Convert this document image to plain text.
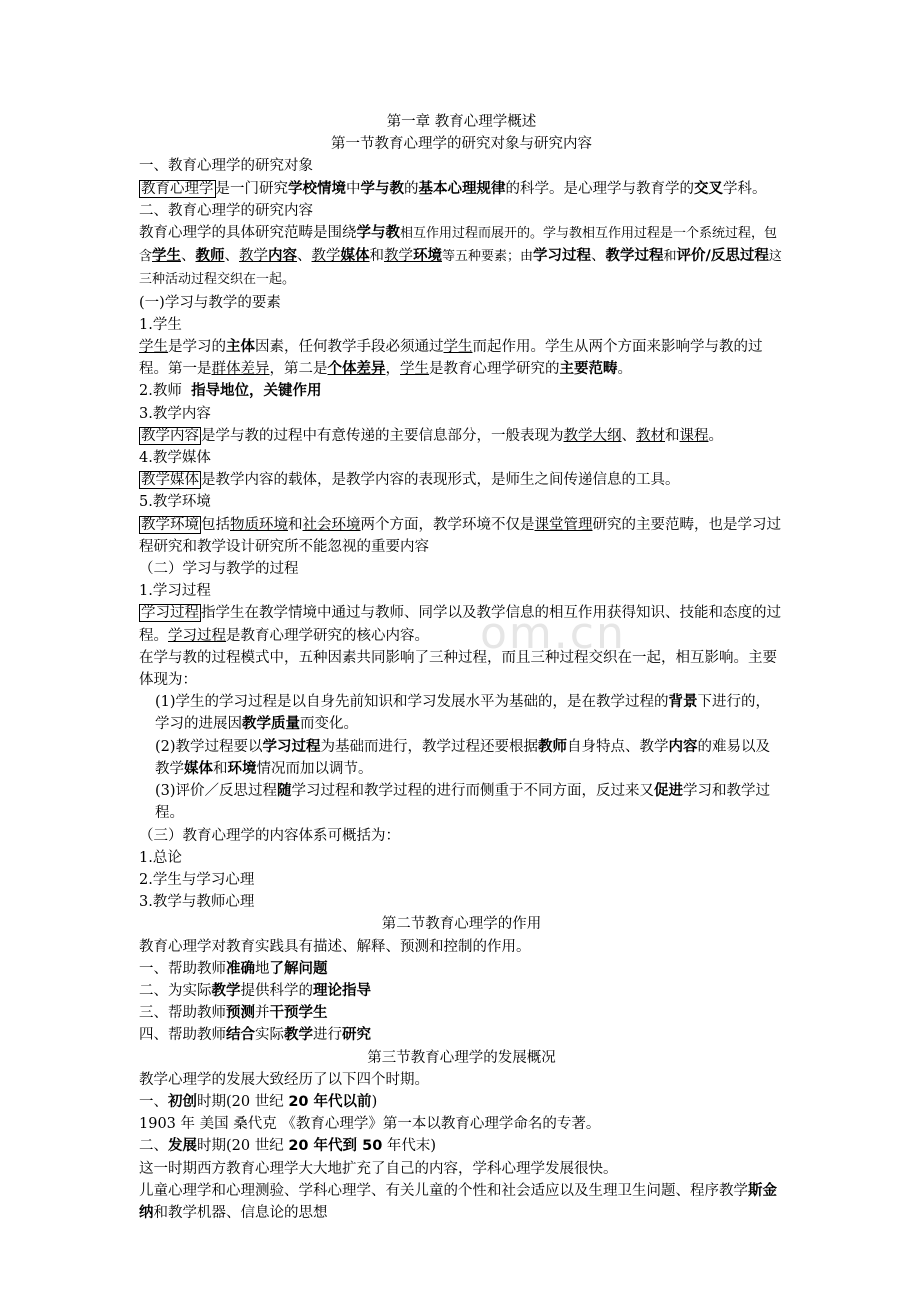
om.cn

第一章 教育心理学概述

第一节教育心理学的研究对象与研究内容

一、教育心理学的研究对象

教育心理学 是一门研究学校情境中学与教的基本心理规律的科学。是心理学与教育学的交叉学科。

二、教育心理学的研究内容

教育心理学的具体研究范畴是围绕学与教相互作用过程而展开的。学与教相互作用过程是一个系统过程，包含学生、教师、教学内容、教学媒体和教学环境等五种要素；由学习过程、教学过程和评价/反思过程这三种活动过程交织在一起。

(一)学习与教学的要素

1.学生

学生是学习的主体因素，任何教学手段必须通过学生而起作用。学生从两个方面来影响学与教的过程。第一是群体差异，第二是个体差异，学生是教育心理学研究的主要范畴。

2.教师 指导地位，关键作用

3.教学内容

教学内容 是学与教的过程中有意传递的主要信息部分，一般表现为教学大纲、教材和课程。

4.教学媒体

教学媒体 是教学内容的载体，是教学内容的表现形式，是师生之间传递信息的工具。

5.教学环境

教学环境 包括物质环境和社会环境两个方面，教学环境不仅是课堂管理研究的主要范畴，也是学习过程研究和教学设计研究所不能忽视的重要内容

（二）学习与教学的过程

1.学习过程

学习过程 指学生在教学情境中通过与教师、同学以及教学信息的相互作用获得知识、技能和态度的过程。学习过程是教育心理学研究的核心内容。

在学与教的过程模式中，五种因素共同影响了三种过程，而且三种过程交织在一起，相互影响。主要体现为：

(1)学生的学习过程是以自身先前知识和学习发展水平为基础的，是在教学过程的背景下进行的，学习的进展因教学质量而变化。

(2)教学过程要以学习过程为基础而进行，教学过程还要根据教师自身特点、教学内容的难易以及教学媒体和环境情况而加以调节。

(3)评价／反思过程随学习过程和教学过程的进行而侧重于不同方面，反过来又促进学习和教学过程。

（三）教育心理学的内容体系可概括为：

1.总论

2.学生与学习心理

3.教学与教师心理

第二节教育心理学的作用

教育心理学对教育实践具有描述、解释、预测和控制的作用。

一、帮助教师准确地了解问题

二、为实际教学提供科学的理论指导

三、帮助教师预测并干预学生

四、帮助教师结合实际教学进行研究

第三节教育心理学的发展概况

教学心理学的发展大致经历了以下四个时期。

一、初创时期(20 世纪 20 年代以前)

1903 年 美国 桑代克 《教育心理学》第一本以教育心理学命名的专著。

二、发展时期(20 世纪 20 年代到 50 年代末)

这一时期西方教育心理学大大地扩充了自己的内容，学科心理学发展很快。

儿童心理学和心理测验、学科心理学、有关儿童的个性和社会适应以及生理卫生问题、程序教学斯金纳和教学机器、信息论的思想
